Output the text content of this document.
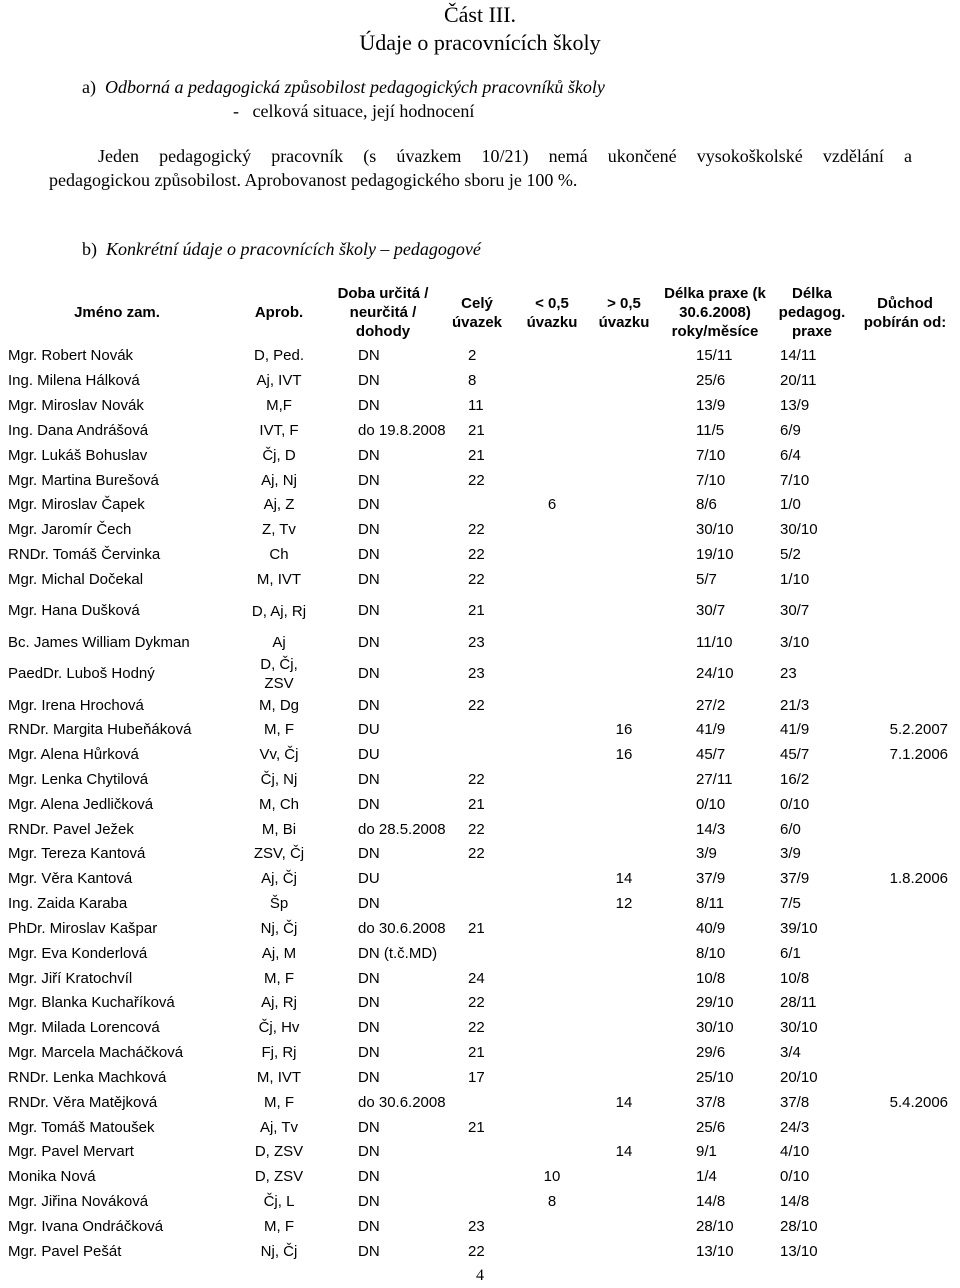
Část III.
Údaje o pracovnících školy
a) Odborná a pedagogická způsobilost pedagogických pracovníků školy
-   celková situace, její hodnocení
Jeden pedagogický pracovník (s úvazkem 10/21) nemá ukončené vysokoškolské vzdělání a
pedagogickou způsobilost. Aprobovanost pedagogického sboru je 100 %.
b) Konkrétní údaje o pracovnících školy – pedagogové
Jméno zam.	Aprob.	Doba určitá / neurčitá / dohody	Celý úvazek	< 0,5 úvazku	> 0,5 úvazku	Délka praxe (k 30.6.2008) roky/měsíce	Délka pedagog. praxe	Důchod pobírán od:
Mgr. Robert Novák	D, Ped.	DN	2			15/11	14/11	
Ing. Milena Hálková	Aj, IVT	DN	8			25/6	20/11	
Mgr. Miroslav Novák	M,F	DN	11			13/9	13/9	
Ing. Dana Andrášová	IVT, F	do 19.8.2008	21			11/5	6/9	
Mgr. Lukáš Bohuslav	Čj, D	DN	21			7/10	6/4	
Mgr. Martina Burešová	Aj, Nj	DN	22			7/10	7/10	
Mgr. Miroslav Čapek	Aj, Z	DN		6		8/6	1/0	
Mgr. Jaromír Čech	Z, Tv	DN	22			30/10	30/10	
RNDr. Tomáš Červinka	Ch	DN	22			19/10	5/2	
Mgr. Michal Dočekal	M, IVT	DN	22			5/7	1/10	
Mgr. Hana Dušková	D, Aj, Rj	DN	21			30/7	30/7	
Bc. James William Dykman	Aj	DN	23			11/10	3/10	
PaedDr. Luboš Hodný	D, Čj, ZSV	DN	23			24/10	23	
Mgr. Irena Hrochová	M, Dg	DN	22			27/2	21/3	
RNDr. Margita Hubeňáková	M, F	DU			16	41/9	41/9	5.2.2007
Mgr. Alena Hůrková	Vv, Čj	DU			16	45/7	45/7	7.1.2006
Mgr. Lenka Chytilová	Čj, Nj	DN	22			27/11	16/2	
Mgr. Alena Jedličková	M, Ch	DN	21			0/10	0/10	
RNDr. Pavel Ježek	M, Bi	do 28.5.2008	22			14/3	6/0	
Mgr. Tereza Kantová	ZSV, Čj	DN	22			3/9	3/9	
Mgr. Věra Kantová	Aj, Čj	DU			14	37/9	37/9	1.8.2006
Ing. Zaida Karaba	Šp	DN			12	8/11	7/5	
PhDr. Miroslav Kašpar	Nj, Čj	do 30.6.2008	21			40/9	39/10	
Mgr. Eva Konderlová	Aj, M	DN (t.č.MD)				8/10	6/1	
Mgr. Jiří Kratochvíl	M, F	DN	24			10/8	10/8	
Mgr. Blanka Kuchaříková	Aj, Rj	DN	22			29/10	28/11	
Mgr. Milada Lorencová	Čj, Hv	DN	22			30/10	30/10	
Mgr. Marcela Macháčková	Fj, Rj	DN	21			29/6	3/4	
RNDr. Lenka Machková	M, IVT	DN	17			25/10	20/10	
RNDr. Věra Matějková	M, F	do 30.6.2008			14	37/8	37/8	5.4.2006
Mgr. Tomáš Matoušek	Aj, Tv	DN	21			25/6	24/3	
Mgr. Pavel Mervart	D, ZSV	DN			14	9/1	4/10	
Monika Nová	D, ZSV	DN		10		1/4	0/10	
Mgr. Jiřina Nováková	Čj, L	DN		8		14/8	14/8	
Mgr. Ivana Ondráčková	M, F	DN	23			28/10	28/10	
Mgr. Pavel Pešát	Nj, Čj	DN	22			13/10	13/10	
4
